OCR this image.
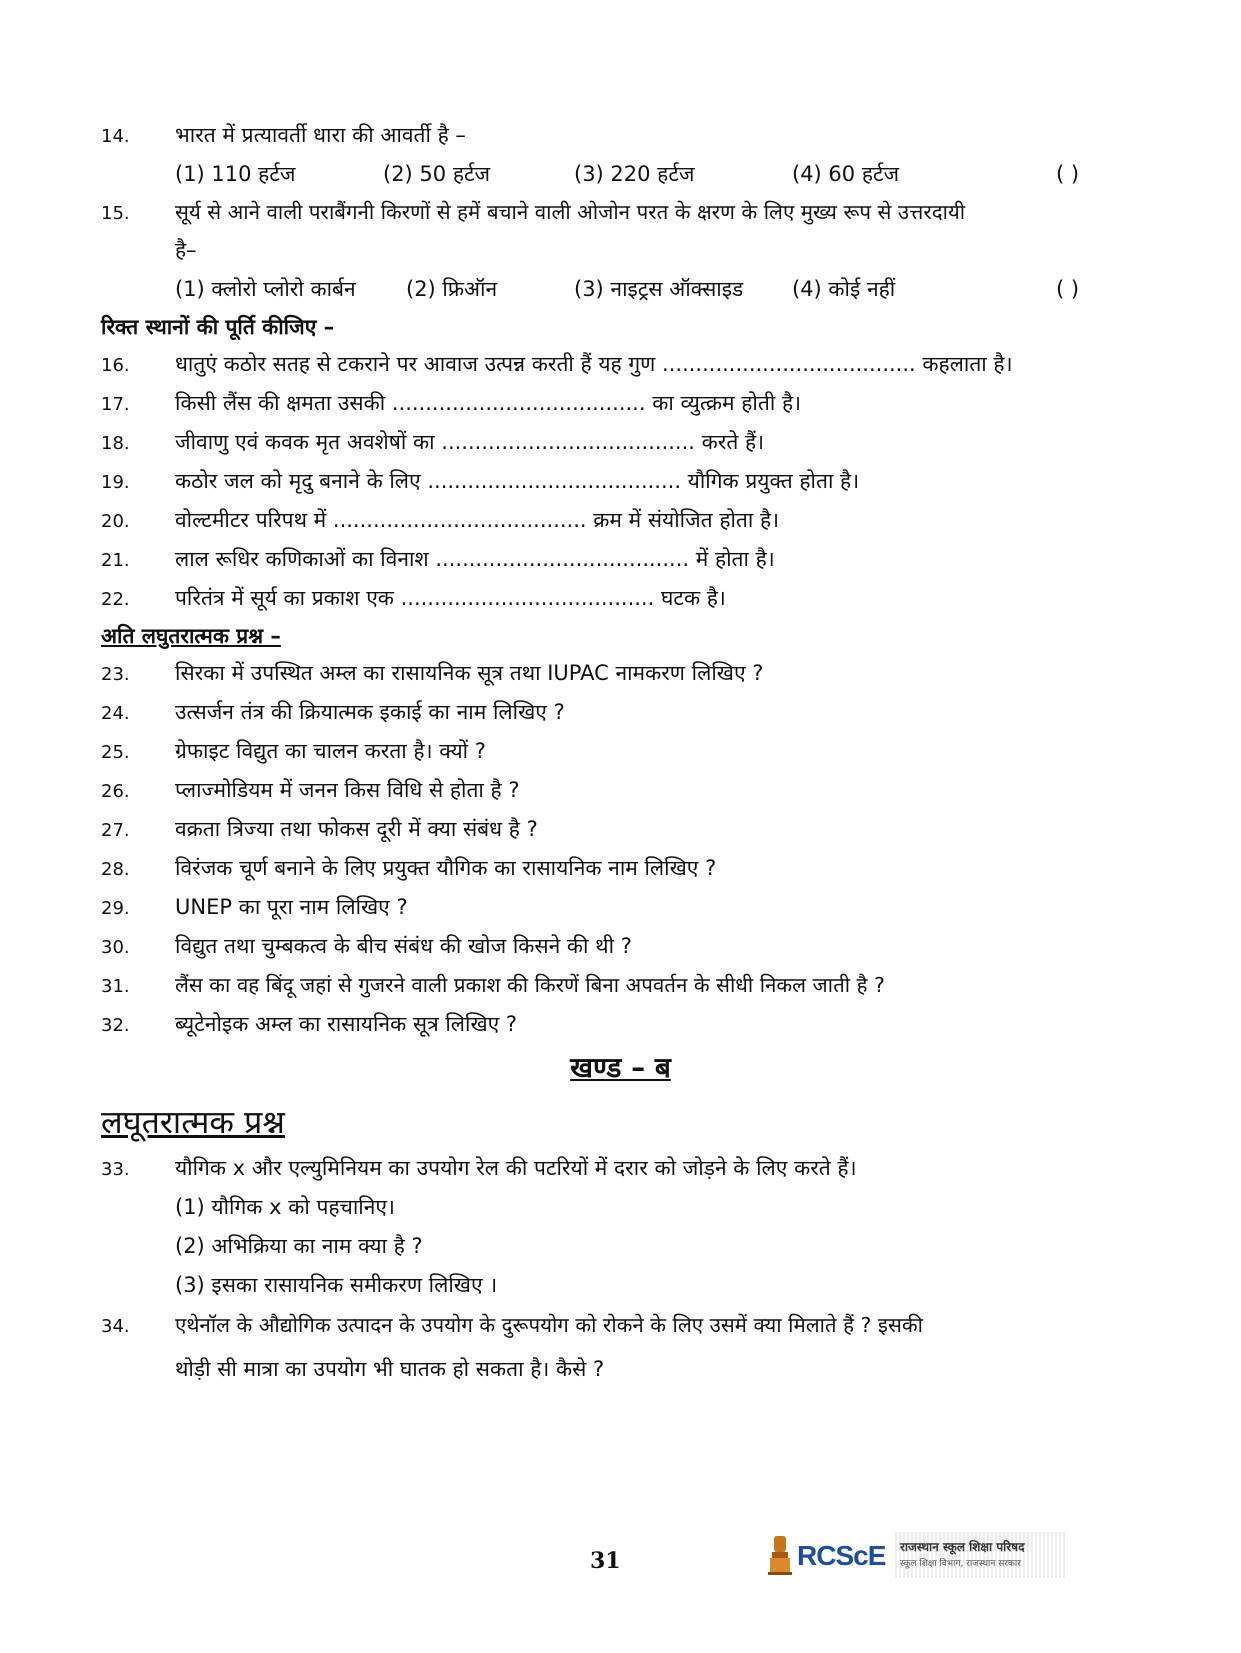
14. भारत में प्रत्यावर्ती धारा की आवर्ती है –
(1) 110 हर्टज	(2) 50 हर्टज	(3) 220 हर्टज	(4) 60 हर्टज	( )
15. सूर्य से आने वाली पराबैंगनी किरणों से हमें बचाने वाली ओजोन परत के क्षरण के लिए मुख्य रूप से उत्तरदायी
है–
(1) क्लोरो प्लोरो कार्बन (2) फ्रिऑन	(3) नाइट्रस ऑक्साइड (4) कोई नहीं	( )
रिक्त स्थानों की पूर्ति कीजिए –
16. धातुएं कठोर सतह से टकराने पर आवाज उत्पन्न करती हैं यह गुण ...................................... कहलाता है।
17. किसी लैंस की क्षमता उसकी ...................................... का व्युत्क्रम होती है।
18. जीवाणु एवं कवक मृत अवशेषों का ...................................... करते हैं।
19. कठोर जल को मृदु बनाने के लिए ...................................... यौगिक प्रयुक्त होता है।
20. वोल्टमीटर परिपथ में ...................................... क्रम में संयोजित होता है।
21. लाल रूधिर कणिकाओं का विनाश ...................................... में होता है।
22. परितंत्र में सूर्य का प्रकाश एक ...................................... घटक है।
अति लघुतरात्मक प्रश्न –
23. सिरका में उपस्थित अम्ल का रासायनिक सूत्र तथा IUPAC नामकरण लिखिए ?
24. उत्सर्जन तंत्र की क्रियात्मक इकाई का नाम लिखिए ?
25. ग्रेफाइट विद्युत का चालन करता है। क्यों ?
26. प्लाज्मोडियम में जनन किस विधि से होता है ?
27. वक्रता त्रिज्या तथा फोकस दूरी में क्या संबंध है ?
28. विरंजक चूर्ण बनाने के लिए प्रयुक्त यौगिक का रासायनिक नाम लिखिए ?
29. UNEP का पूरा नाम लिखिए ?
30. विद्युत तथा चुम्बकत्व के बीच संबंध की खोज किसने की थी ?
31. लैंस का वह बिंदू जहां से गुजरने वाली प्रकाश की किरणें बिना अपवर्तन के सीधी निकल जाती है ?
32. ब्यूटेनोइक अम्ल का रासायनिक सूत्र लिखिए ?
खण्ड – ब
लघूतरात्मक प्रश्न
33. यौगिक x और एल्युमिनियम का उपयोग रेल की पटरियों में दरार को जोड़ने के लिए करते हैं।
(1) यौगिक x को पहचानिए।
(2) अभिक्रिया का नाम क्या है ?
(3) इसका रासायनिक समीकरण लिखिए ।
34. एथेनॉल के औद्योगिक उत्पादन के उपयोग के दुरूपयोग को रोकने के लिए उसमें क्या मिलाते हैं ? इसकी
थोड़ी सी मात्रा का उपयोग भी घातक हो सकता है। कैसे ?
31	RCScE राजस्थान स्कूल शिक्षा परिषद
स्कूल शिक्षा विभाग, राजस्थान सरकार
